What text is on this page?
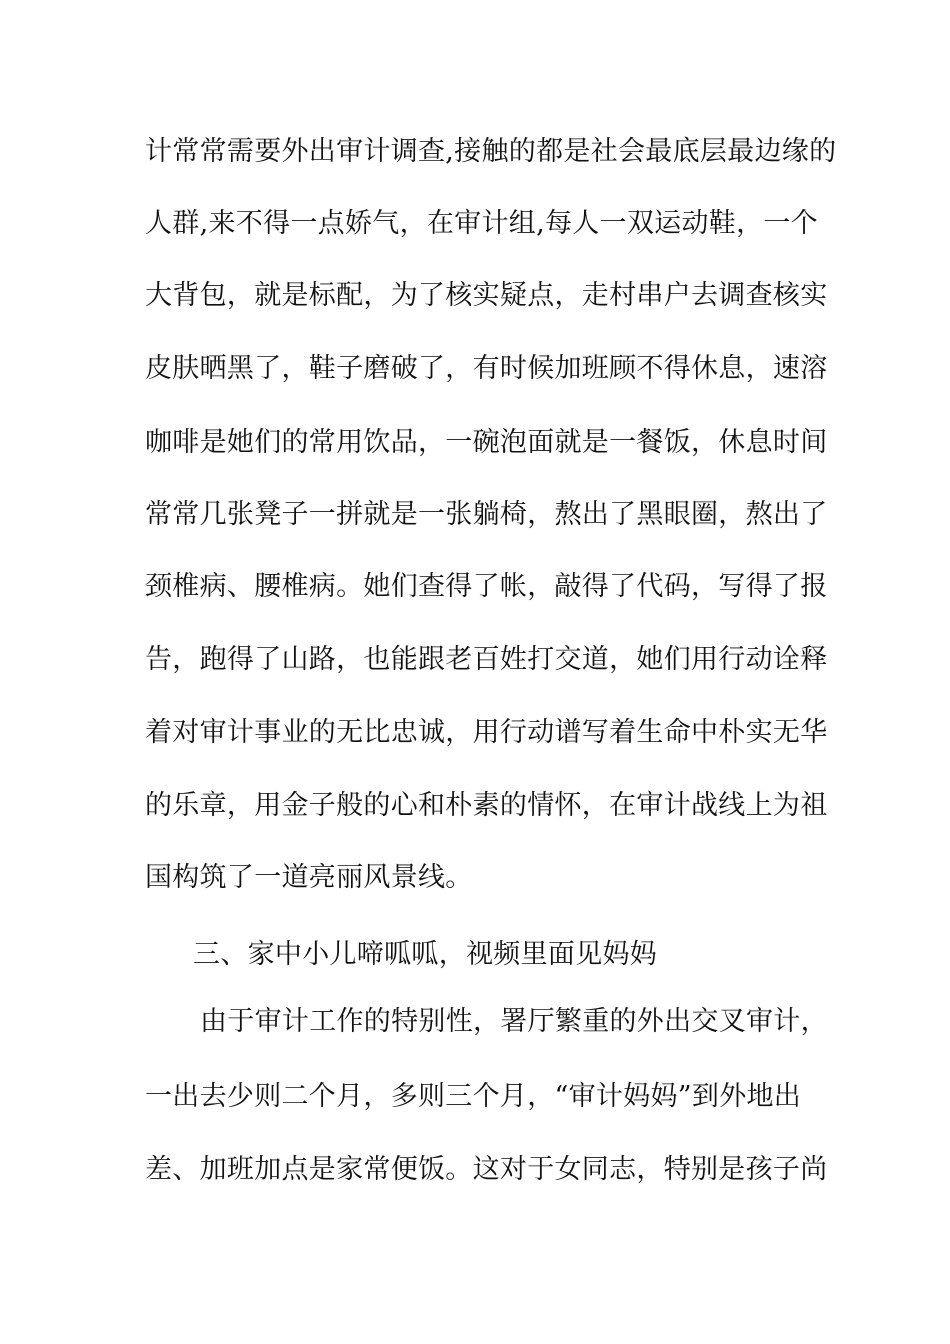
计常常需要外出审计调查,接触的都是社会最底层最边缘的
人群,来不得一点娇气，在审计组,每人一双运动鞋，一个
大背包，就是标配，为了核实疑点，走村串户去调查核实
皮肤晒黑了，鞋子磨破了，有时候加班顾不得休息，速溶
咖啡是她们的常用饮品，一碗泡面就是一餐饭，休息时间
常常几张凳子一拼就是一张躺椅，熬出了黑眼圈，熬出了
颈椎病、腰椎病。她们查得了帐，敲得了代码，写得了报
告，跑得了山路，也能跟老百姓打交道，她们用行动诠释
着对审计事业的无比忠诚，用行动谱写着生命中朴实无华
的乐章，用金子般的心和朴素的情怀，在审计战线上为祖
国构筑了一道亮丽风景线。
三、家中小儿啼呱呱，视频里面见妈妈
由于审计工作的特别性，署厅繁重的外出交叉审计，
一出去少则二个月，多则三个月，“审计妈妈”到外地出
差、加班加点是家常便饭。这对于女同志，特别是孩子尚
